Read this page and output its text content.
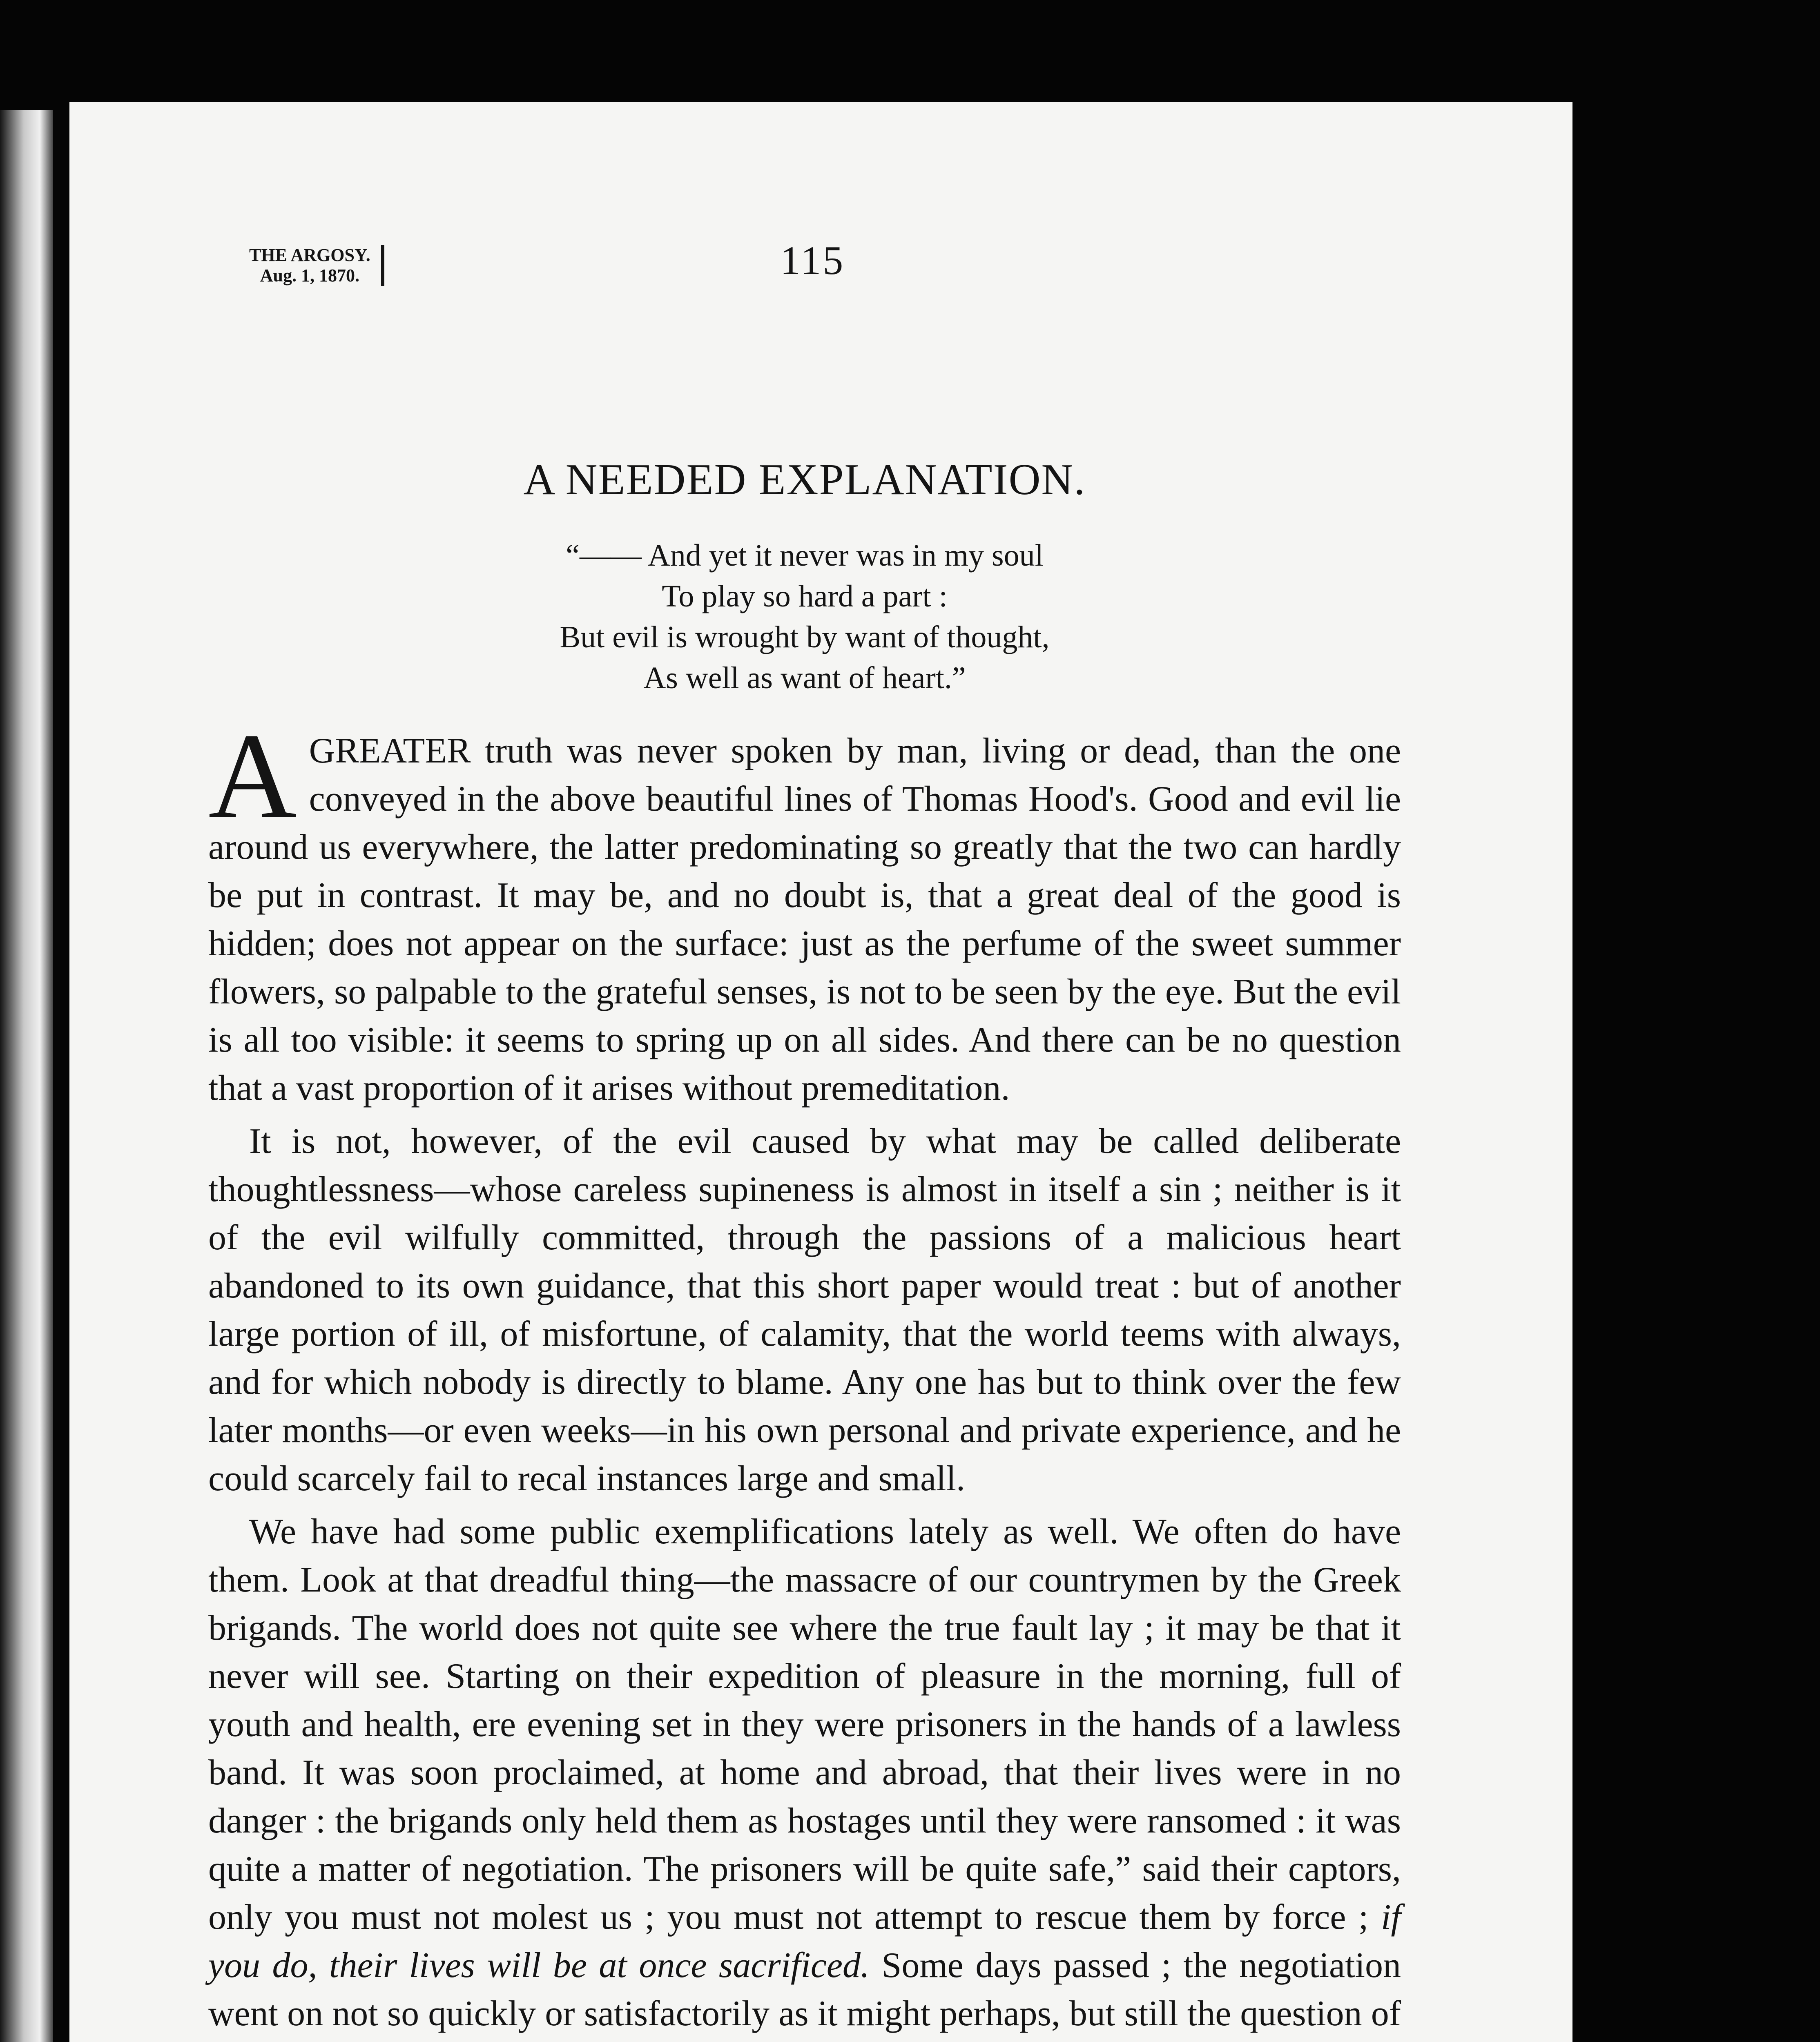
THE ARGOSY.
Aug. 1, 1870.	115
A NEEDED EXPLANATION.
“—— And yet it never was in my soul
To play so hard a part :
But evil is wrought by want of thought,
As well as want of heart.”

A GREATER truth was never spoken by man, living or dead, than the one conveyed in the above beautiful lines of Thomas Hood's. Good and evil lie around us everywhere, the latter predominating so greatly that the two can hardly be put in contrast. It may be, and no doubt is, that a great deal of the good is hidden; does not appear on the surface: just as the perfume of the sweet summer flowers, so palpable to the grateful senses, is not to be seen by the eye. But the evil is all too visible: it seems to spring up on all sides. And there can be no question that a vast proportion of it arises without premeditation.

It is not, however, of the evil caused by what may be called deliberate thoughtlessness—whose careless supineness is almost in itself a sin ; neither is it of the evil wilfully committed, through the passions of a malicious heart abandoned to its own guidance, that this short paper would treat : but of another large portion of ill, of misfortune, of calamity, that the world teems with always, and for which nobody is directly to blame. Any one has but to think over the few later months—or even weeks—in his own personal and private experience, and he could scarcely fail to recal instances large and small.

We have had some public exemplifications lately as well. We often do have them. Look at that dreadful thing—the massacre of our countrymen by the Greek brigands. The world does not quite see where the true fault lay ; it may be that it never will see. Starting on their expedition of pleasure in the morning, full of youth and health, ere evening set in they were prisoners in the hands of a lawless band. It was soon proclaimed, at home and abroad, that their lives were in no danger : the brigands only held them as hostages until they were ransomed : it was quite a matter of negotiation. The prisoners will be quite safe,” said their captors, only you must not molest us ; you must not attempt to rescue them by force ; if you do, their lives will be at once sacrificed. Some days passed ; the negotiation went on not so quickly or satisfactorily as it might perhaps, but still the question of
